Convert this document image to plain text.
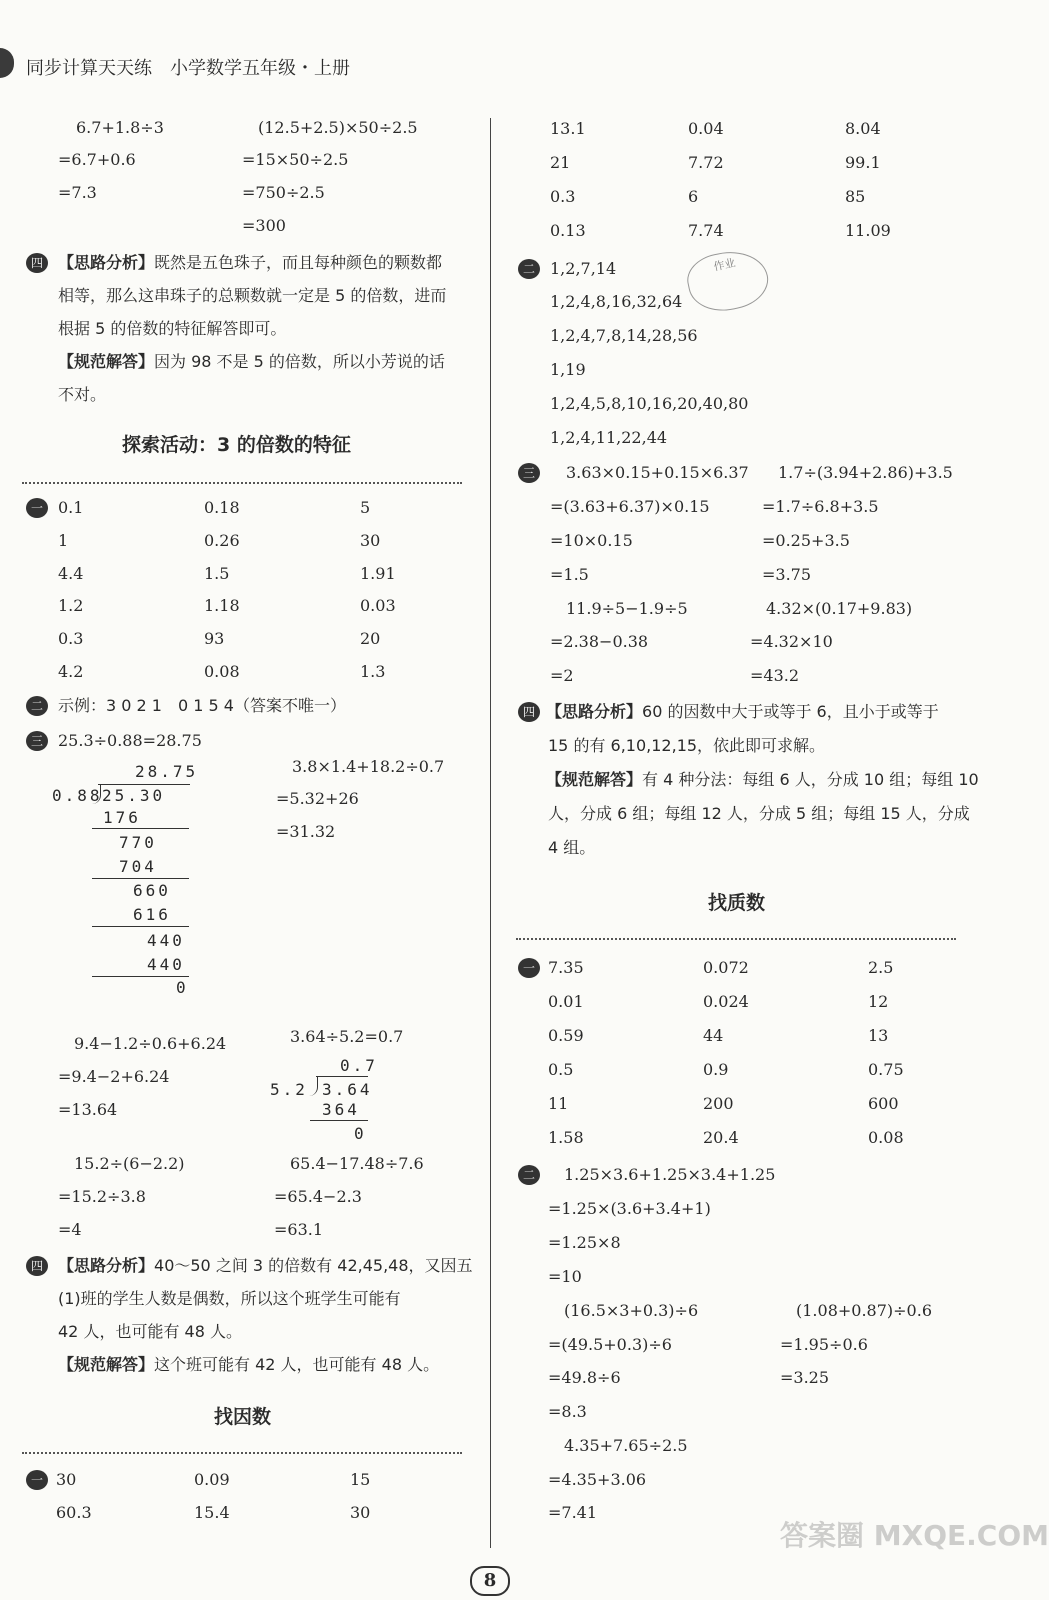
同步计算天天练　小学数学五年级・上册
6.7+1.8÷3
=6.7+0.6
=7.3
(12.5+2.5)×50÷2.5
=15×50÷2.5
=750÷2.5
=300
四 【思路分析】既然是五色珠子，而且每种颜色的颗数都
相等，那么这串珠子的总颗数就一定是 5 的倍数，进而
根据 5 的倍数的特征解答即可。
【规范解答】因为 98 不是 5 的倍数，所以小芳说的话
不对。
探索活动：3 的倍数的特征
一 0.1	0.18	5
1	0.26	30
4.4	1.5	1.91
1.2	1.18	0.03
0.3	93	20
4.2	0.08	1.3
二 示例：3 0 2 1　0 1 5 4（答案不唯一）
三 25.3÷0.88=28.75
28.75
0.88 25.30
176
770
704
660
616
440
440
0
3.8×1.4+18.2÷0.7
=5.32+26
=31.32
9.4−1.2÷0.6+6.24
=9.4−2+6.24
=13.64
3.64÷5.2=0.7
0.7
5.2 3.64
364
0
15.2÷(6−2.2)
=15.2÷3.8
=4
65.4−17.48÷7.6
=65.4−2.3
=63.1
四 【思路分析】40～50 之间 3 的倍数有 42,45,48，又因五
(1)班的学生人数是偶数，所以这个班学生可能有
42 人，也可能有 48 人。
【规范解答】这个班可能有 42 人，也可能有 48 人。
找因数
一 30	0.09	15
60.3	15.4	30
13.1	0.04	8.04
21	7.72	99.1
0.3	6	85
0.13	7.74	11.09
二 1,2,7,14
1,2,4,8,16,32,64
1,2,4,7,8,14,28,56
1,19
1,2,4,5,8,10,16,20,40,80
1,2,4,11,22,44
作业
三	3.63×0.15+0.15×6.37
=(3.63+6.37)×0.15
=10×0.15
=1.5
1.7÷(3.94+2.86)+3.5
=1.7÷6.8+3.5
=0.25+3.5
=3.75
11.9÷5−1.9÷5
=2.38−0.38
=2
4.32×(0.17+9.83)
=4.32×10
=43.2
四 【思路分析】60 的因数中大于或等于 6，且小于或等于
15 的有 6,10,12,15，依此即可求解。
【规范解答】有 4 种分法：每组 6 人，分成 10 组；每组 10
人，分成 6 组；每组 12 人，分成 5 组；每组 15 人，分成
4 组。
找质数
一 7.35	0.072	2.5
0.01	0.024	12
0.59	44	13
0.5	0.9	0.75
11	200	600
1.58	20.4	0.08
二	1.25×3.6+1.25×3.4+1.25
=1.25×(3.6+3.4+1)
=1.25×8
=10
(16.5×3+0.3)÷6
=(49.5+0.3)÷6
=49.8÷6
=8.3
(1.08+0.87)÷0.6
=1.95÷0.6
=3.25
4.35+7.65÷2.5
=4.35+3.06
=7.41
答案圈 MXQE.COM
8
